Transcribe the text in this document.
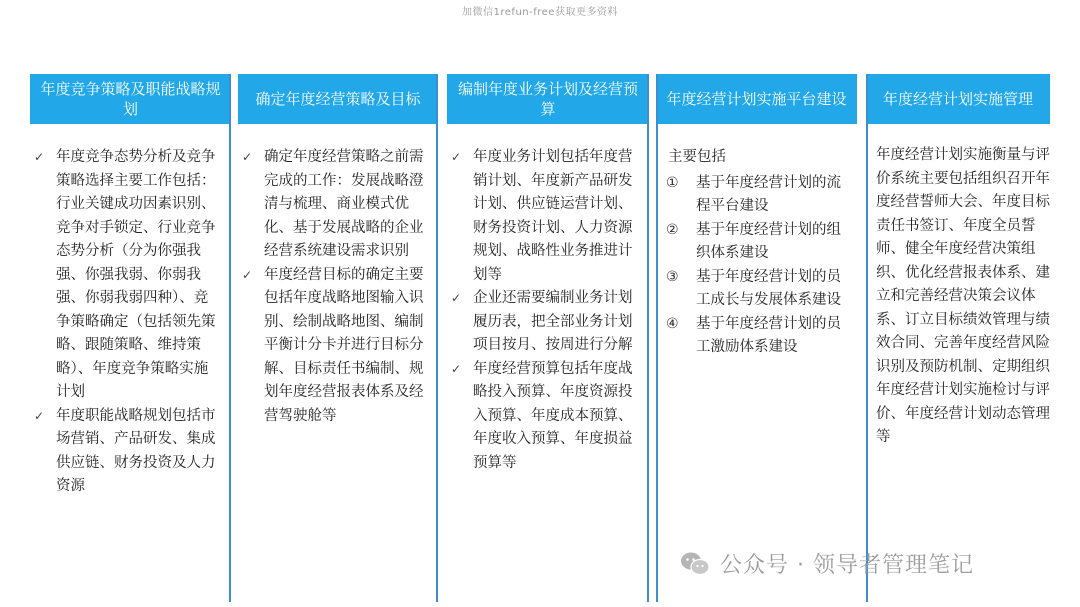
加微信1refun-free获取更多资料
年度竞争策略及职能战略规划
✓ 年度竞争态势分析及竞争策略选择主要工作包括：行业关键成功因素识别、竞争对手锁定、行业竞争态势分析（分为你强我强、你强我弱、你弱我强、你弱我弱四种）、竞争策略确定（包括领先策略、跟随策略、维持策略）、年度竞争策略实施计划
✓ 年度职能战略规划包括市场营销、产品研发、集成供应链、财务投资及人力资源
确定年度经营策略及目标
✓ 确定年度经营策略之前需完成的工作：发展战略澄清与梳理、商业模式优化、基于发展战略的企业经营系统建设需求识别
✓ 年度经营目标的确定主要包括年度战略地图输入识别、绘制战略地图、编制平衡计分卡并进行目标分解、目标责任书编制、规划年度经营报表体系及经营驾驶舱等
编制年度业务计划及经营预算
✓ 年度业务计划包括年度营销计划、年度新产品研发计划、供应链运营计划、财务投资计划、人力资源规划、战略性业务推进计划等
✓ 企业还需要编制业务计划履历表，把全部业务计划项目按月、按周进行分解
✓ 年度经营预算包括年度战略投入预算、年度资源投入预算、年度成本预算、年度收入预算、年度损益预算等
年度经营计划实施平台建设
主要包括
① 基于年度经营计划的流程平台建设
② 基于年度经营计划的组织体系建设
③ 基于年度经营计划的员工成长与发展体系建设
④ 基于年度经营计划的员工激励体系建设
年度经营计划实施管理
年度经营计划实施衡量与评价系统主要包括组织召开年度经营誓师大会、年度目标责任书签订、年度全员誓师、健全年度经营决策组织、优化经营报表体系、建立和完善经营决策会议体系、订立目标绩效管理与绩效合同、完善年度经营风险识别及预防机制、定期组织年度经营计划实施检讨与评价、年度经营计划动态管理等
公众号 · 领导者管理笔记
